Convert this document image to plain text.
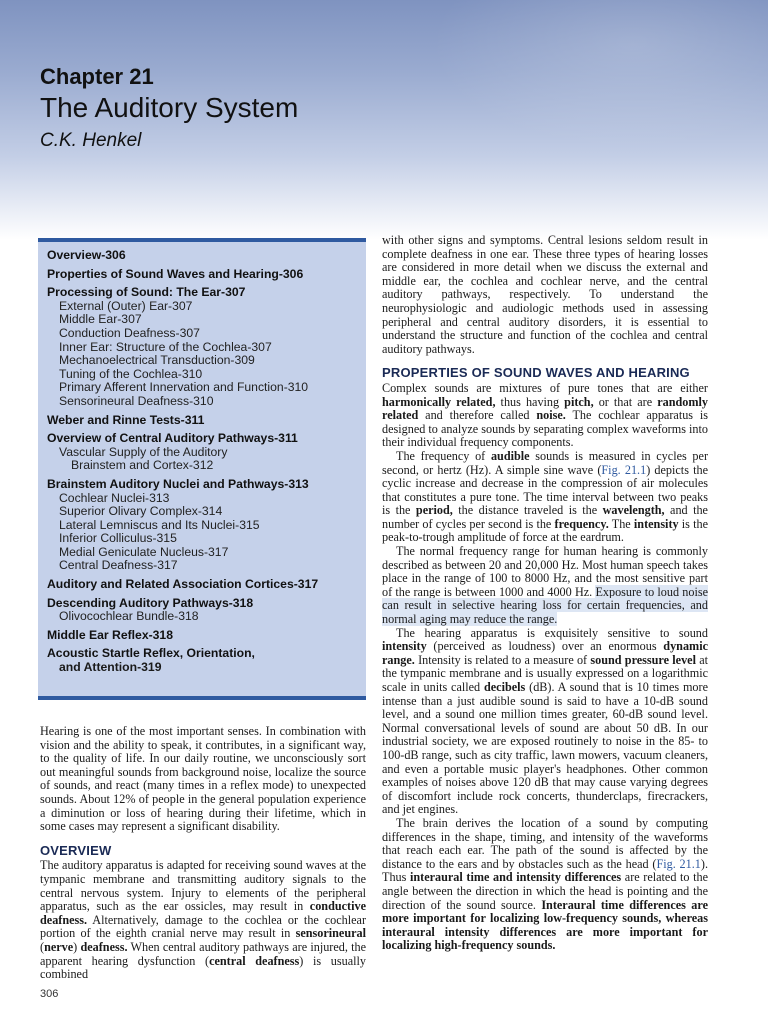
Chapter 21
The Auditory System
C.K. Henkel
Overview-306
Properties of Sound Waves and Hearing-306
Processing of Sound: The Ear-307
External (Outer) Ear-307
Middle Ear-307
Conduction Deafness-307
Inner Ear: Structure of the Cochlea-307
Mechanoelectrical Transduction-309
Tuning of the Cochlea-310
Primary Afferent Innervation and Function-310
Sensorineural Deafness-310
Weber and Rinne Tests-311
Overview of Central Auditory Pathways-311
Vascular Supply of the Auditory
Brainstem and Cortex-312
Brainstem Auditory Nuclei and Pathways-313
Cochlear Nuclei-313
Superior Olivary Complex-314
Lateral Lemniscus and Its Nuclei-315
Inferior Colliculus-315
Medial Geniculate Nucleus-317
Central Deafness-317
Auditory and Related Association Cortices-317
Descending Auditory Pathways-318
Olivocochlear Bundle-318
Middle Ear Reflex-318
Acoustic Startle Reflex, Orientation,
and Attention-319

Hearing is one of the most important senses. In combination with vision and the ability to speak, it contributes, in a significant way, to the quality of life. In our daily routine, we unconsciously sort out meaningful sounds from background noise, localize the source of sounds, and react (many times in a reflex mode) to unexpected sounds. About 12% of people in the general population experience a diminution or loss of hearing during their lifetime, which in some cases may represent a significant disability.

OVERVIEW

The auditory apparatus is adapted for receiving sound waves at the tympanic membrane and transmitting auditory signals to the central nervous system. Injury to elements of the peripheral apparatus, such as the ear ossicles, may result in conductive deafness. Alternatively, damage to the cochlea or the cochlear portion of the eighth cranial nerve may result in sensorineural (nerve) deafness. When central auditory pathways are injured, the apparent hearing dysfunction (central deafness) is usually combined

with other signs and symptoms. Central lesions seldom result in complete deafness in one ear. These three types of hearing losses are considered in more detail when we discuss the external and middle ear, the cochlea and cochlear nerve, and the central auditory pathways, respectively. To understand the neurophysiologic and audiologic methods used in assessing peripheral and central auditory disorders, it is essential to understand the structure and function of the cochlea and central auditory pathways.

PROPERTIES OF SOUND WAVES AND HEARING

Complex sounds are mixtures of pure tones that are either harmonically related, thus having pitch, or that are randomly related and therefore called noise. The cochlear apparatus is designed to analyze sounds by separating complex waveforms into their individual frequency components.

The frequency of audible sounds is measured in cycles per second, or hertz (Hz). A simple sine wave (Fig. 21.1) depicts the cyclic increase and decrease in the compression of air molecules that constitutes a pure tone. The time interval between two peaks is the period, the distance traveled is the wavelength, and the number of cycles per second is the frequency. The intensity is the peak-to-trough amplitude of force at the eardrum.

The normal frequency range for human hearing is commonly described as between 20 and 20,000 Hz. Most human speech takes place in the range of 100 to 8000 Hz, and the most sensitive part of the range is between 1000 and 4000 Hz. Exposure to loud noise can result in selective hearing loss for certain frequencies, and normal aging may reduce the range.

The hearing apparatus is exquisitely sensitive to sound intensity (perceived as loudness) over an enormous dynamic range. Intensity is related to a measure of sound pressure level at the tympanic membrane and is usually expressed on a logarithmic scale in units called decibels (dB). A sound that is 10 times more intense than a just audible sound is said to have a 10-dB sound level, and a sound one million times greater, 60-dB sound level. Normal conversational levels of sound are about 50 dB. In our industrial society, we are exposed routinely to noise in the 85- to 100-dB range, such as city traffic, lawn mowers, vacuum cleaners, and even a portable music player's headphones. Other common examples of noises above 120 dB that may cause varying degrees of discomfort include rock concerts, thunderclaps, firecrackers, and jet engines.

The brain derives the location of a sound by computing differences in the shape, timing, and intensity of the waveforms that reach each ear. The path of the sound is affected by the distance to the ears and by obstacles such as the head (Fig. 21.1). Thus interaural time and intensity differences are related to the angle between the direction in which the head is pointing and the direction of the sound source. Interaural time differences are more important for localizing low-frequency sounds, whereas interaural intensity differences are more important for localizing high-frequency sounds.

306
